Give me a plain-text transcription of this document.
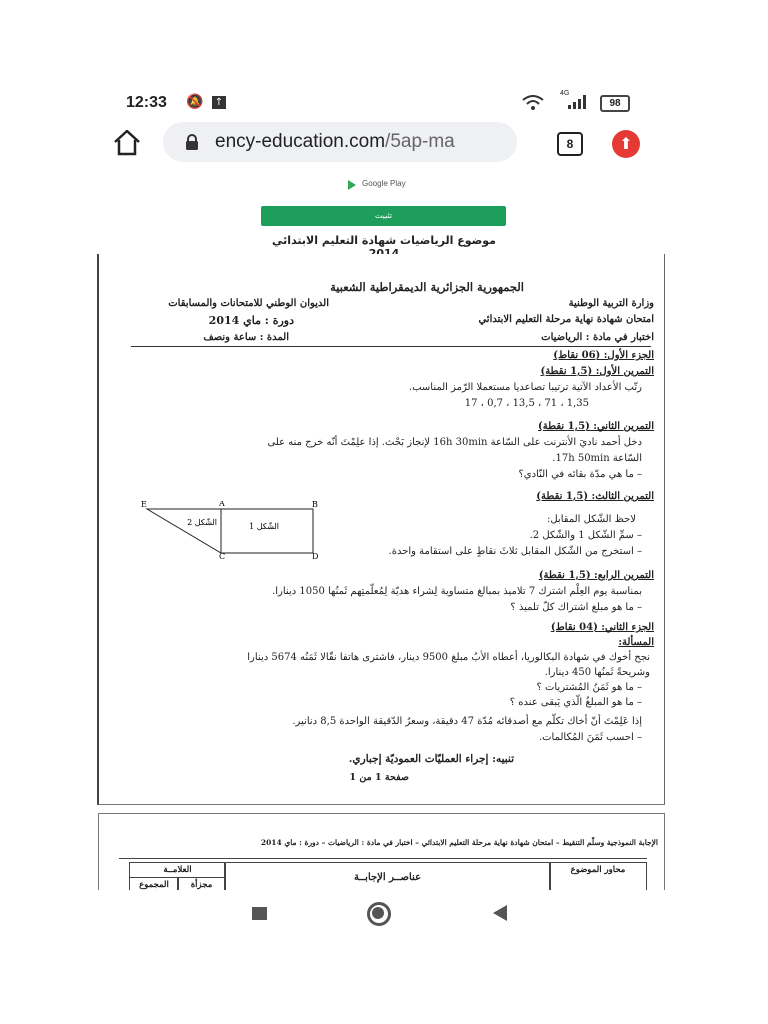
12:33 🔕 ↑
4G
98
ency-education.com/5ap-ma	8	⬆
Google Play
تثبيت
موضوع الرياضيات شهادة التعليم الابتدائي
الجمهورية الجزائرية الديمقراطية الشعبية
وزارة التربية الوطنية
الديوان الوطني للامتحانات والمسابقات
امتحان شهادة نهاية مرحلة التعليم الابتدائي
دورة : ماي 2014
اختبار في مادة : الرياضيات
المدة : ساعة ونصف
الجزء الأول: (06 نقاط)
التمرين الأول: (1,5 نقطة)
رتّب الأعداد الآتية ترتيبا تصاعديا مستعملا الرّمز المناسب.
17 ، 0,7 ، 13,5 ، 71 ، 1,35
التمرين الثاني: (1,5 نقطة)
دخل أحمد ناديَ الأنترنت على السّاعة 16h 30min لإنجاز بَحْث. إذا علِمْتَ أنّه خرج منه على
السّاعة 17h 50min.
– ما هي مدّة بقائه في النّادي؟
التمرين الثالث: (1,5 نقطة)
لاحظ الشّكل المقابل:
– سمِّ الشّكل 1 والشّكل 2.
– استخرج من الشّكل المقابل ثلاثَ نقاطٍ على استقامة واحدة.
E	A	B
C	D
الشّكل 1
الشّكل 2
التمرين الرابع: (1,5 نقطة)
بمناسبة يوم العِلْم اشترك 7 تلاميذ بمبالغ متساوية لِشراء هديّة لِمُعلّمتِهم ثَمنُها 1050 دينارا.
– ما هو مبلغ اشتراك كلّ تلميذ ؟
الجزء الثاني: (04 نقاط)
المسألة:
نجح أخوك في شهادة البكالوريا، أعطاه الأبُ مبلغ 9500 دينار، فاشترى هاتفا نقّالا ثَمَنُه 5674 دينارا
وشريحةً ثَمنُها 450 دينارا.
– ما هو ثَمَنُ المُشتريات ؟
– ما هو المبلغُ الّذي يَبقى عنده ؟
إذا عَلِمْتَ أنّ أخاك تكلّم مع أصدقائه مُدّة 47 دقيقة، وسعرُ الدّقيقة الواحدة 8,5 دنانير.
– احسب ثَمَنَ المُكالمات.
تنبيه: إجراء العمليّات العموديّة إجباري.
صفحة 1 من 1
الإجابة النموذجية وسلّم التنقيط – امتحان شهادة نهاية مرحلة التعليم الابتدائي – اختبار في مادة : الرياضيات – دورة : ماي 2014
محاور الموضوع
عناصــر الإجابــة
العلامــة
مجزأة
المجموع
